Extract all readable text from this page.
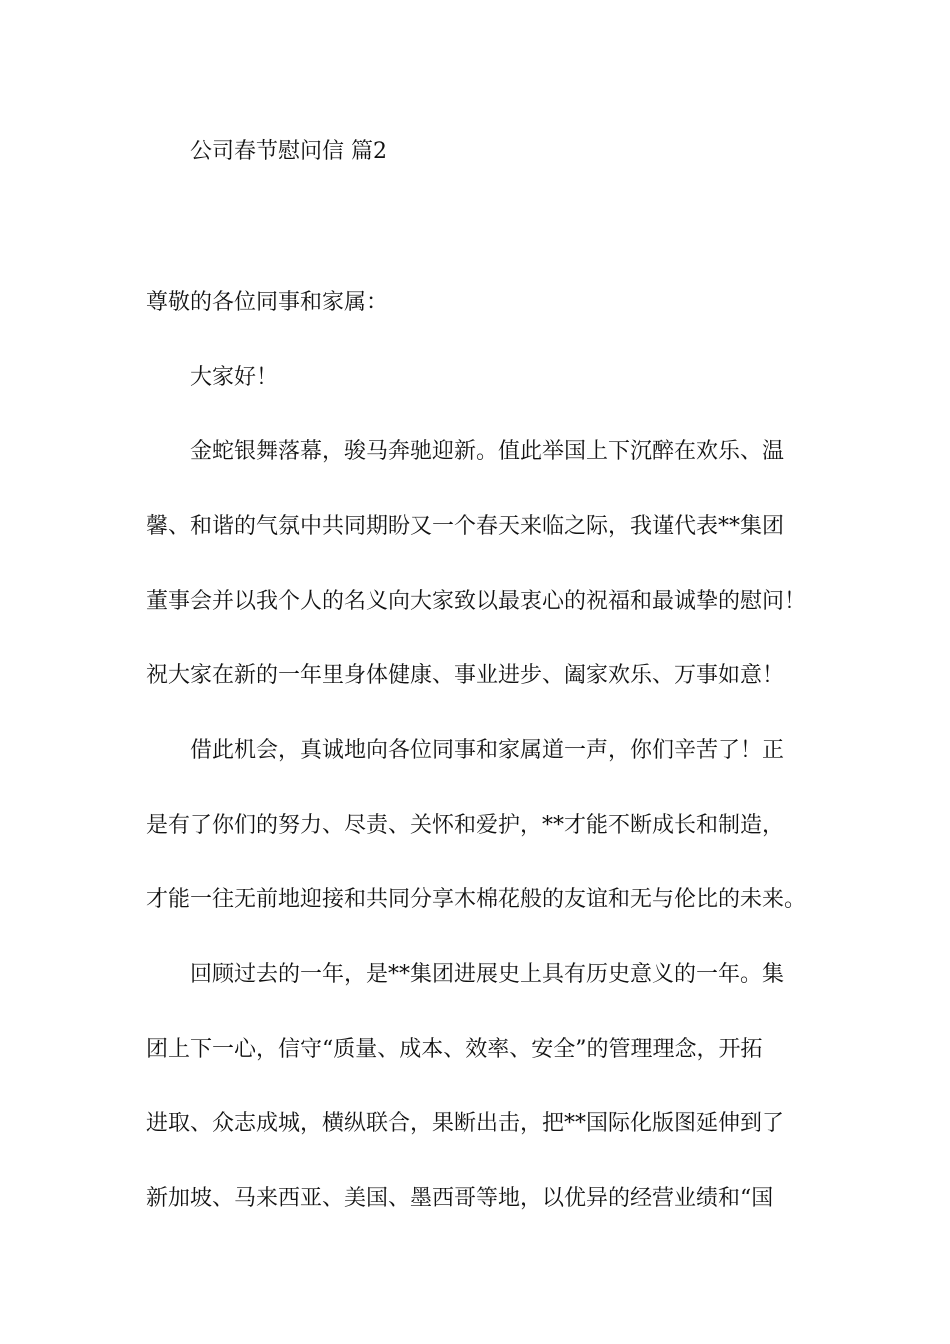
公司春节慰问信 篇2

尊敬的各位同事和家属：

大家好！

金蛇银舞落幕，骏马奔驰迎新。值此举国上下沉醉在欢乐、温

馨、和谐的气氛中共同期盼又一个春天来临之际，我谨代表**集团

董事会并以我个人的名义向大家致以最衷心的祝福和最诚挚的慰问！

祝大家在新的一年里身体健康、事业进步、阖家欢乐、万事如意！

借此机会，真诚地向各位同事和家属道一声，你们辛苦了！正

是有了你们的努力、尽责、关怀和爱护，**才能不断成长和制造，

才能一往无前地迎接和共同分享木棉花般的友谊和无与伦比的未来。

回顾过去的一年，是**集团进展史上具有历史意义的一年。集

团上下一心，信守“质量、成本、效率、安全”的管理理念，开拓

进取、众志成城，横纵联合，果断出击，把**国际化版图延伸到了

新加坡、马来西亚、美国、墨西哥等地，以优异的经营业绩和“国
